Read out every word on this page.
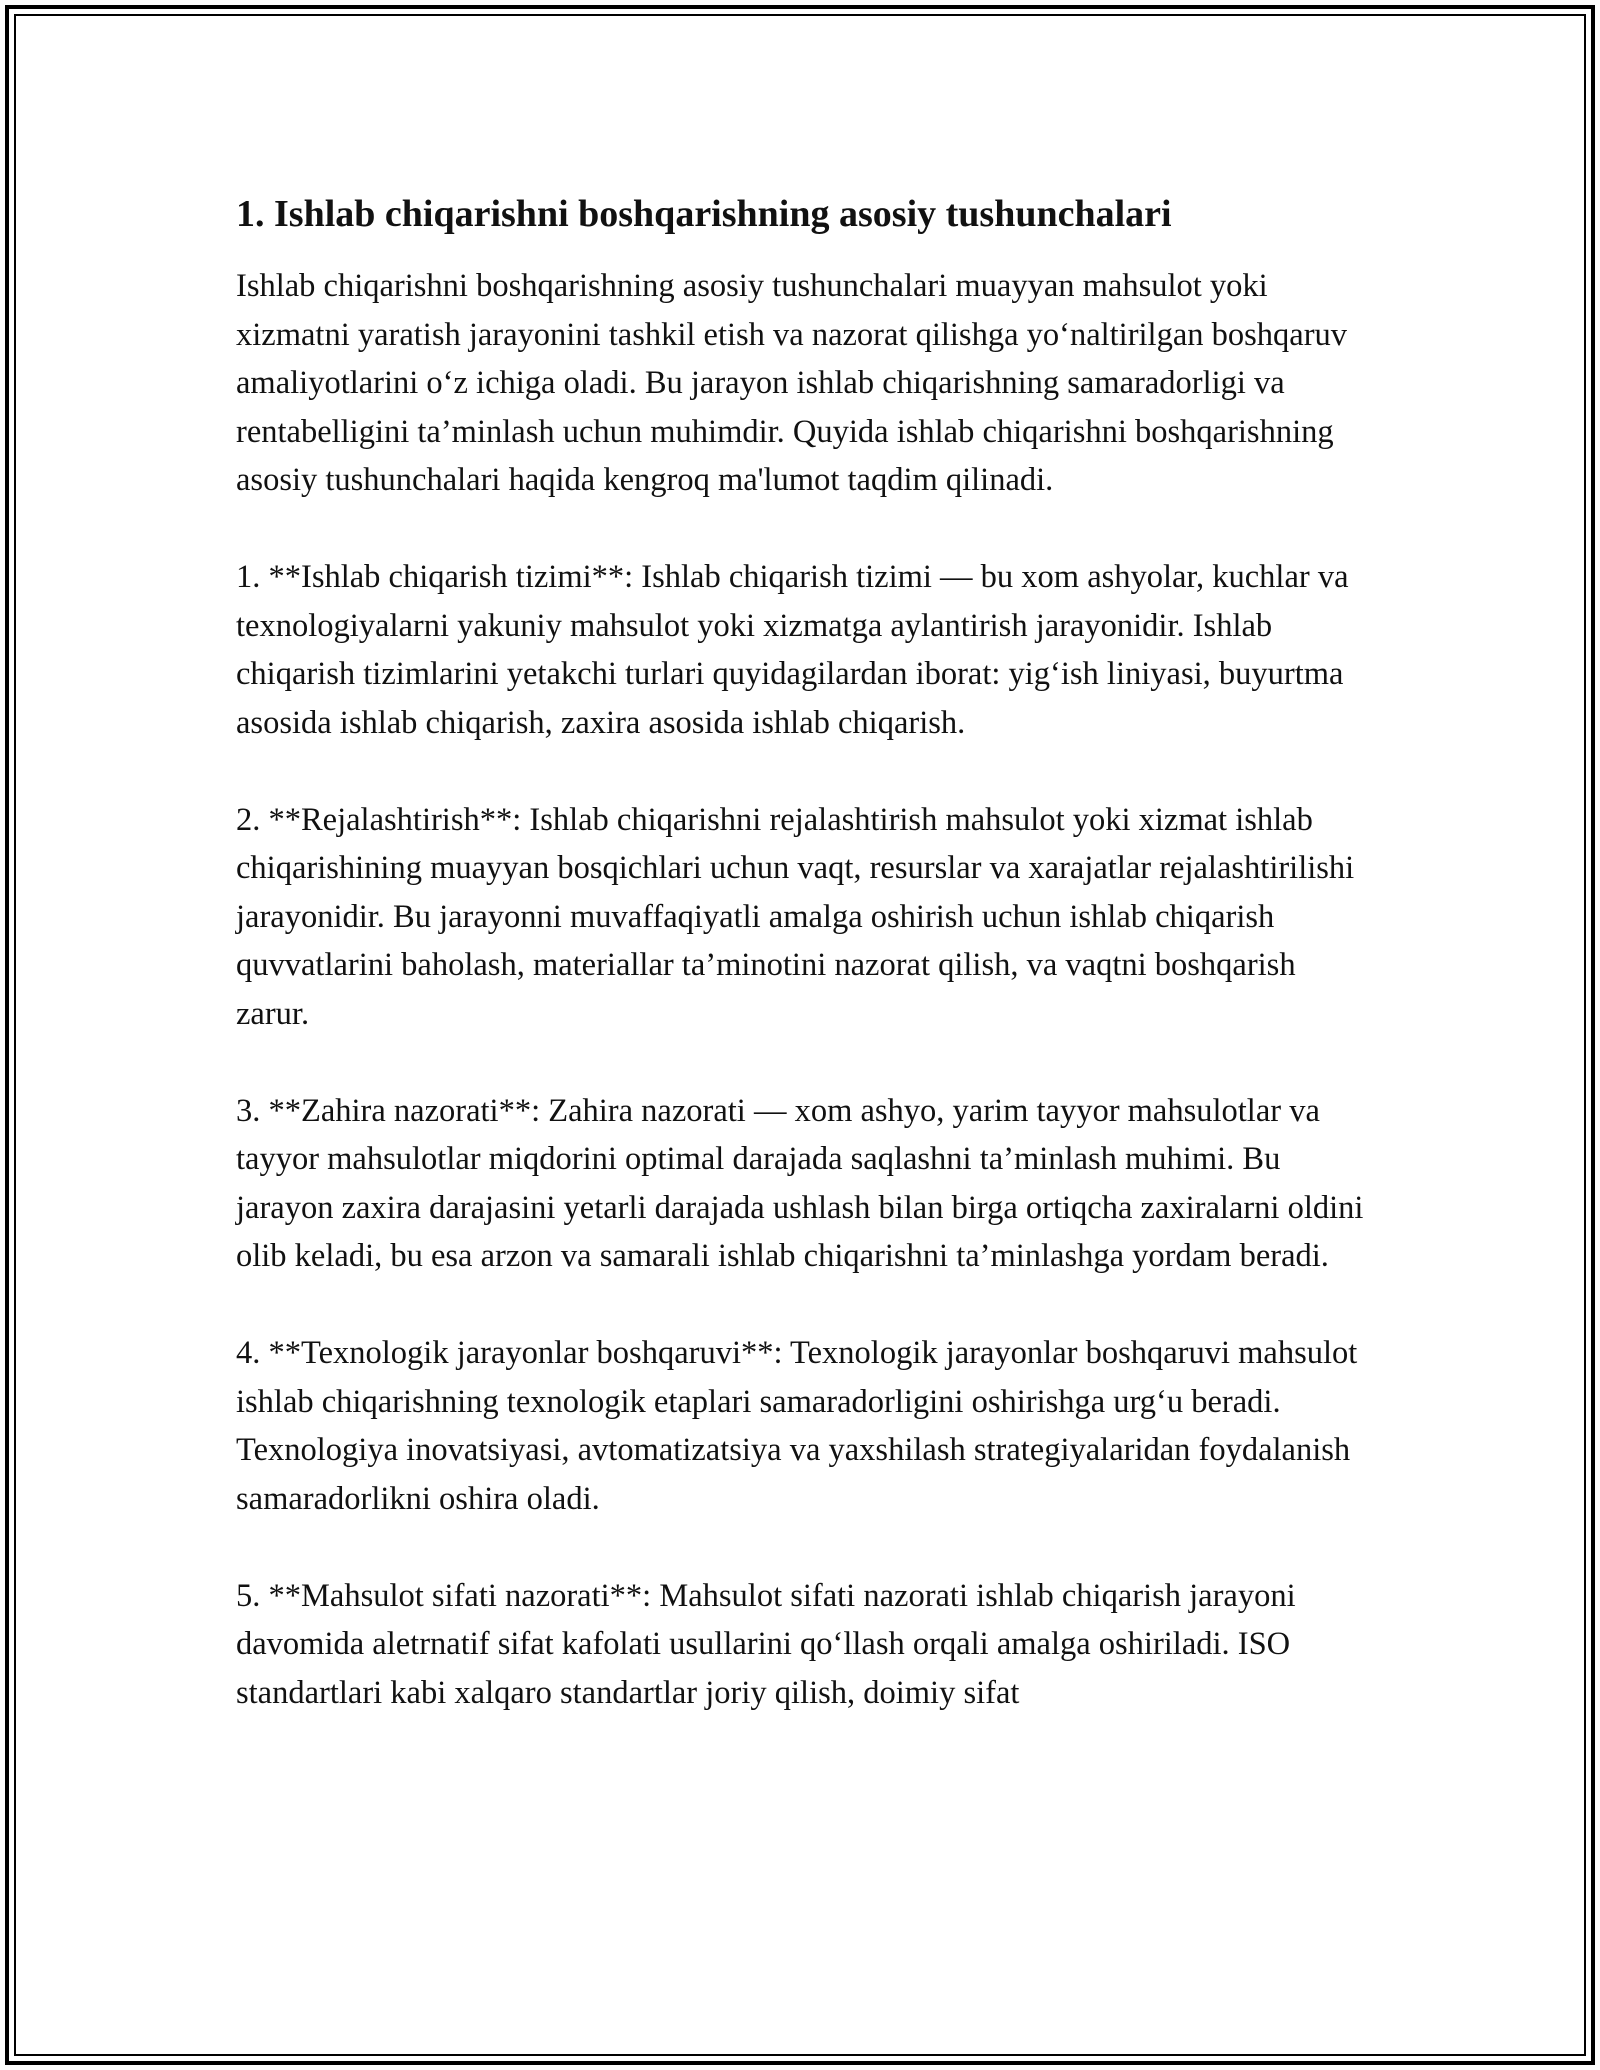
1. Ishlab chiqarishni boshqarishning asosiy tushunchalari

Ishlab chiqarishni boshqarishning asosiy tushunchalari muayyan mahsulot yoki xizmatni yaratish jarayonini tashkil etish va nazorat qilishga yo‘naltirilgan boshqaruv amaliyotlarini o‘z ichiga oladi. Bu jarayon ishlab chiqarishning samaradorligi va rentabelligini ta’minlash uchun muhimdir. Quyida ishlab chiqarishni boshqarishning asosiy tushunchalari haqida kengroq ma'lumot taqdim qilinadi.

1. **Ishlab chiqarish tizimi**: Ishlab chiqarish tizimi — bu xom ashyolar, kuchlar va texnologiyalarni yakuniy mahsulot yoki xizmatga aylantirish jarayonidir. Ishlab chiqarish tizimlarini yetakchi turlari quyidagilardan iborat: yig‘ish liniyasi, buyurtma asosida ishlab chiqarish, zaxira asosida ishlab chiqarish.

2. **Rejalashtirish**: Ishlab chiqarishni rejalashtirish mahsulot yoki xizmat ishlab chiqarishining muayyan bosqichlari uchun vaqt, resurslar va xarajatlar rejalashtirilishi jarayonidir. Bu jarayonni muvaffaqiyatli amalga oshirish uchun ishlab chiqarish quvvatlarini baholash, materiallar ta’minotini nazorat qilish, va vaqtni boshqarish zarur.

3. **Zahira nazorati**: Zahira nazorati — xom ashyo, yarim tayyor mahsulotlar va tayyor mahsulotlar miqdorini optimal darajada saqlashni ta’minlash muhimi. Bu jarayon zaxira darajasini yetarli darajada ushlash bilan birga ortiqcha zaxiralarni oldini olib keladi, bu esa arzon va samarali ishlab chiqarishni ta’minlashga yordam beradi.

4. **Texnologik jarayonlar boshqaruvi**: Texnologik jarayonlar boshqaruvi mahsulot ishlab chiqarishning texnologik etaplari samaradorligini oshirishga urg‘u beradi. Texnologiya inovatsiyasi, avtomatizatsiya va yaxshilash strategiyalaridan foydalanish samaradorlikni oshira oladi.

5. **Mahsulot sifati nazorati**: Mahsulot sifati nazorati ishlab chiqarish jarayoni davomida aletrnatif sifat kafolati usullarini qo‘llash orqali amalga oshiriladi. ISO standartlari kabi xalqaro standartlar joriy qilish, doimiy sifat
